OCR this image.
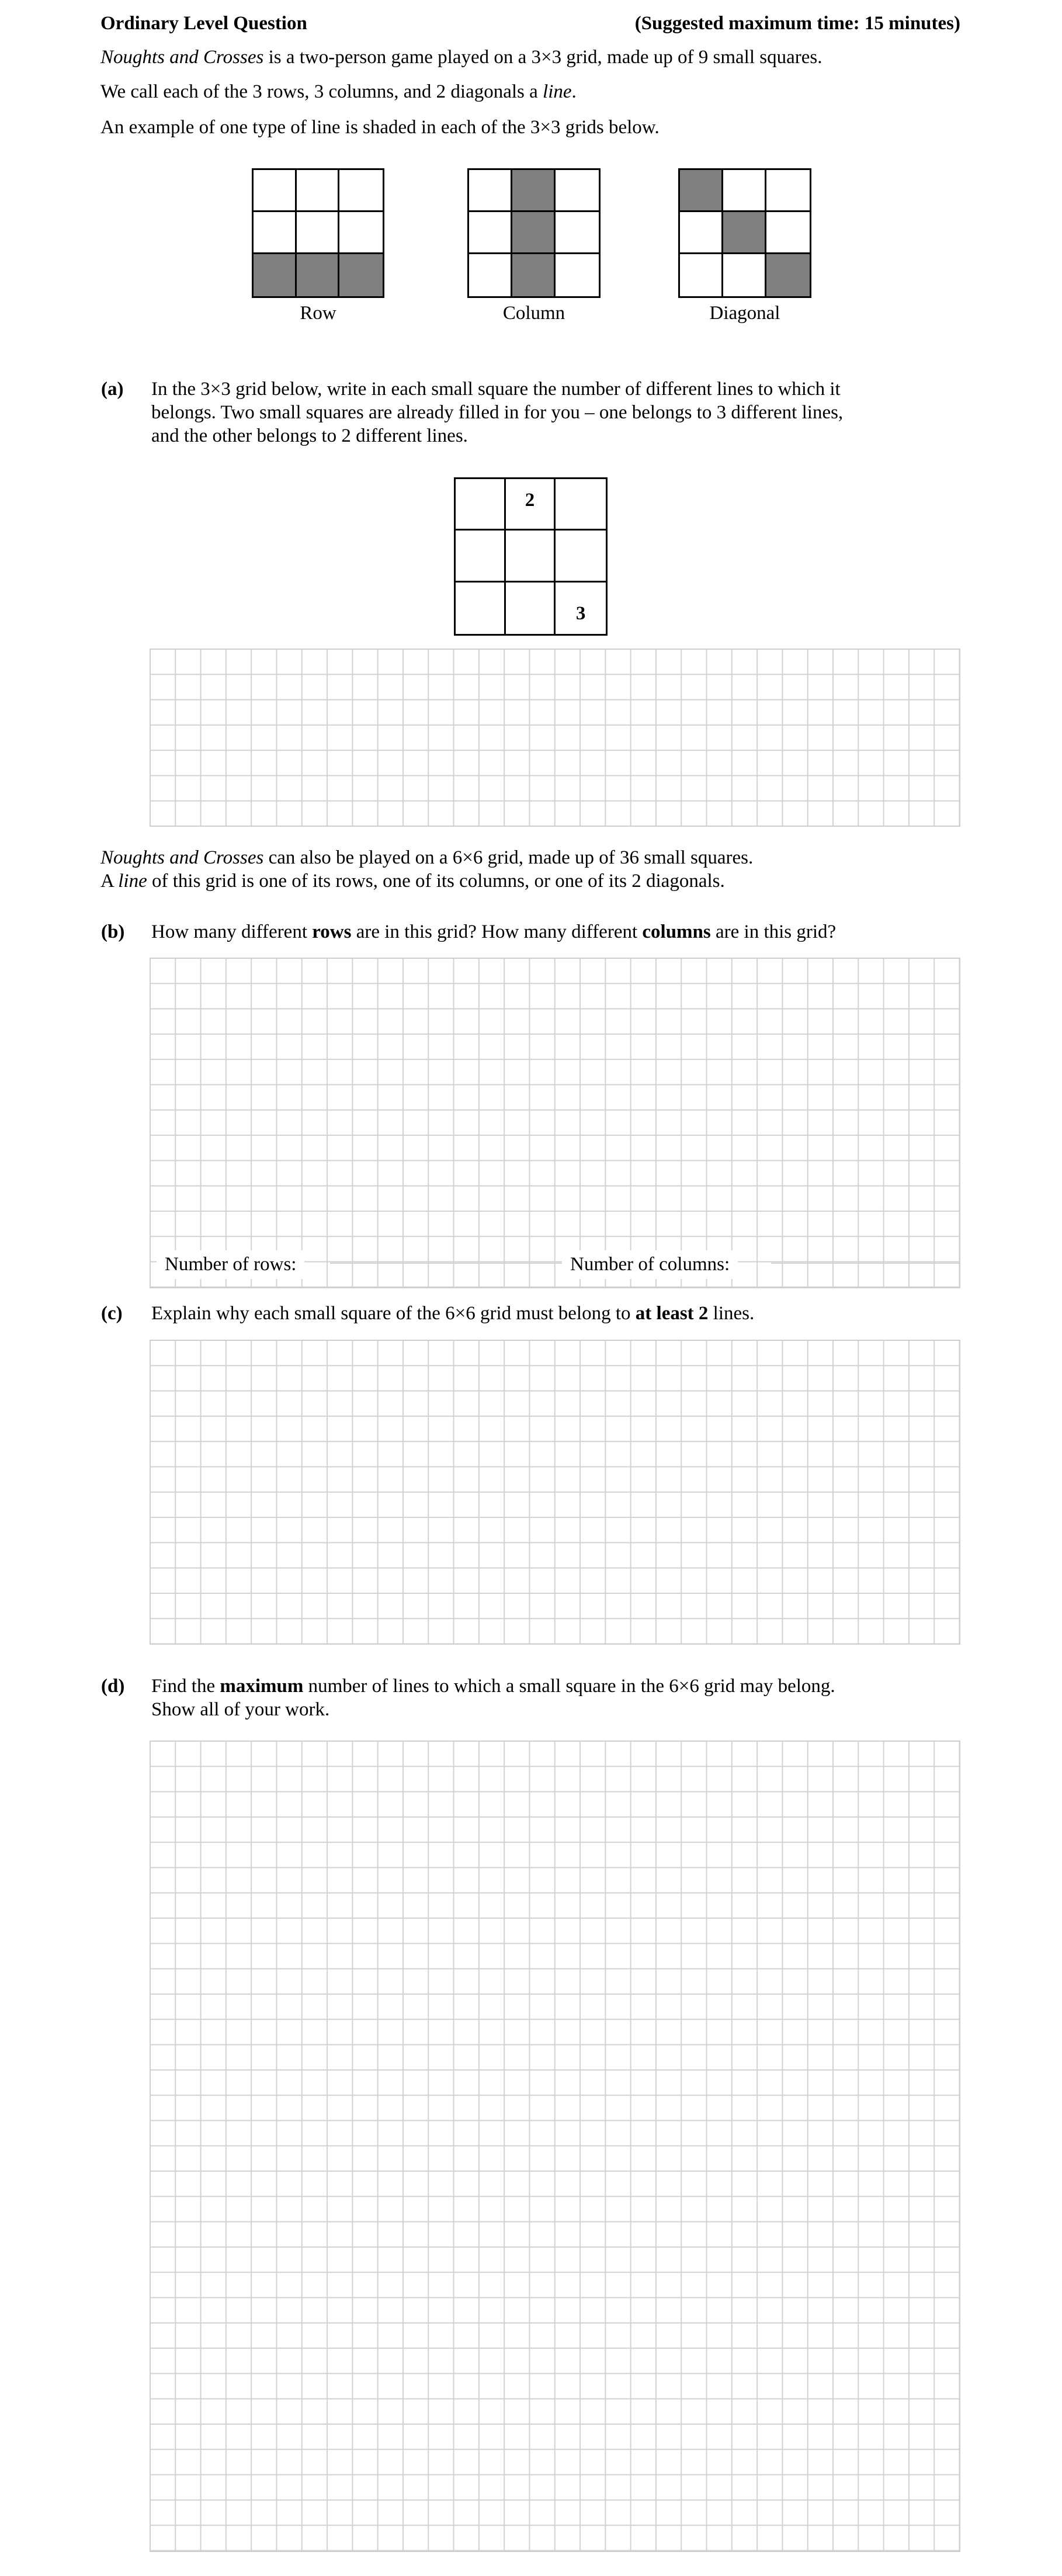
Ordinary Level Question	(Suggested maximum time: 15 minutes)
Noughts and Crosses is a two-person game played on a 3×3 grid, made up of 9 small squares.
We call each of the 3 rows, 3 columns, and 2 diagonals a line.
An example of one type of line is shaded in each of the 3×3 grids below.
Row	Column	Diagonal
(a) In the 3×3 grid below, write in each small square the number of different lines to which it
belongs. Two small squares are already filled in for you – one belongs to 3 different lines,
and the other belongs to 2 different lines.
2
3
Noughts and Crosses can also be played on a 6×6 grid, made up of 36 small squares.
A line of this grid is one of its rows, one of its columns, or one of its 2 diagonals.
(b) How many different rows are in this grid? How many different columns are in this grid?
Number of rows:	Number of columns:
(c) Explain why each small square of the 6×6 grid must belong to at least 2 lines.
(d) Find the maximum number of lines to which a small square in the 6×6 grid may belong.
Show all of your work.
